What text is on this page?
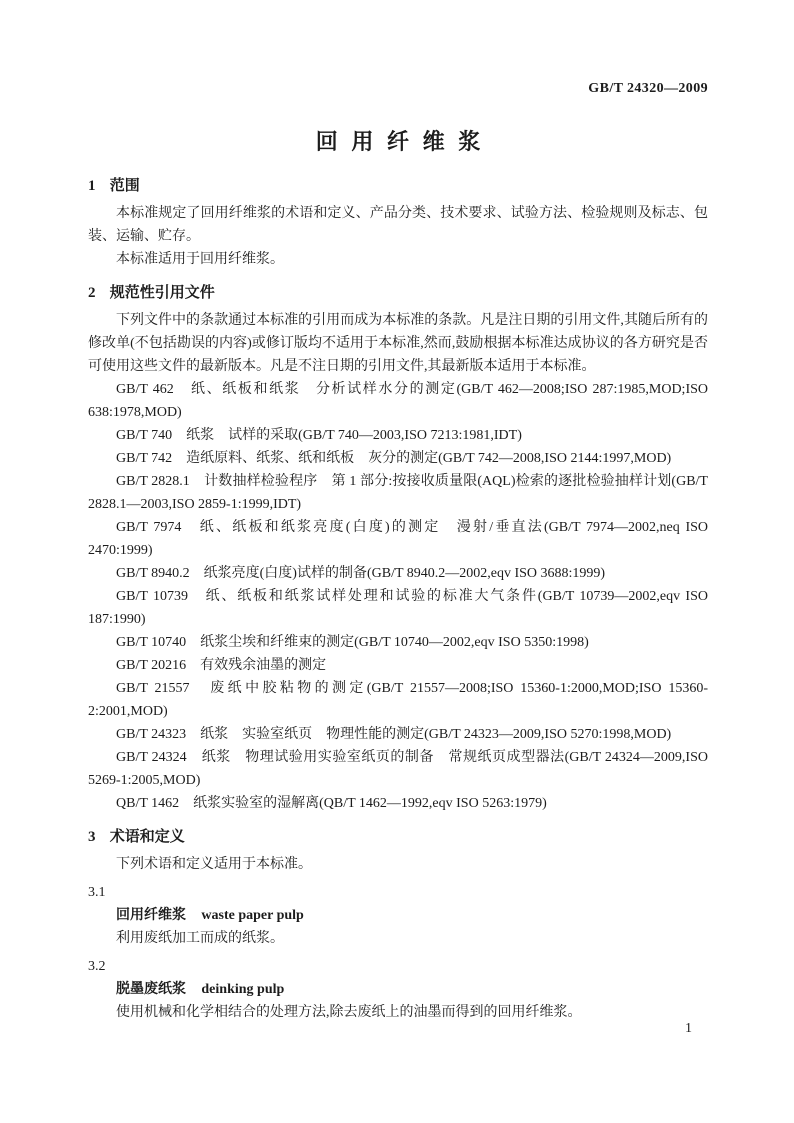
GB/T 24320—2009
回用纤维浆
1 范围

本标准规定了回用纤维浆的术语和定义、产品分类、技术要求、试验方法、检验规则及标志、包装、运输、贮存。

本标准适用于回用纤维浆。

2 规范性引用文件

下列文件中的条款通过本标准的引用而成为本标准的条款。凡是注日期的引用文件,其随后所有的修改单(不包括勘误的内容)或修订版均不适用于本标准,然而,鼓励根据本标准达成协议的各方研究是否可使用这些文件的最新版本。凡是不注日期的引用文件,其最新版本适用于本标准。

GB/T 462　纸、纸板和纸浆　分析试样水分的测定(GB/T 462—2008;ISO 287:1985,MOD;ISO 638:1978,MOD)

GB/T 740　纸浆　试样的采取(GB/T 740—2003,ISO 7213:1981,IDT)

GB/T 742　造纸原料、纸浆、纸和纸板　灰分的测定(GB/T 742—2008,ISO 2144:1997,MOD)

GB/T 2828.1　计数抽样检验程序　第 1 部分:按接收质量限(AQL)检索的逐批检验抽样计划(GB/T 2828.1—2003,ISO 2859-1:1999,IDT)

GB/T 7974　纸、纸板和纸浆亮度(白度)的测定　漫射/垂直法(GB/T 7974—2002,neq ISO 2470:1999)

GB/T 8940.2　纸浆亮度(白度)试样的制备(GB/T 8940.2—2002,eqv ISO 3688:1999)

GB/T 10739　纸、纸板和纸浆试样处理和试验的标准大气条件(GB/T 10739—2002,eqv ISO 187:1990)

GB/T 10740　纸浆尘埃和纤维束的测定(GB/T 10740—2002,eqv ISO 5350:1998)

GB/T 20216　有效残余油墨的测定

GB/T 21557　废纸中胶粘物的测定(GB/T 21557—2008;ISO 15360-1:2000,MOD;ISO 15360-2:2001,MOD)

GB/T 24323　纸浆　实验室纸页　物理性能的测定(GB/T 24323—2009,ISO 5270:1998,MOD)

GB/T 24324　纸浆　物理试验用实验室纸页的制备　常规纸页成型器法(GB/T 24324—2009,ISO 5269-1:2005,MOD)

QB/T 1462　纸浆实验室的湿解离(QB/T 1462—1992,eqv ISO 5263:1979)

3 术语和定义

下列术语和定义适用于本标准。

3.1

回用纤维浆 waste paper pulp

利用废纸加工而成的纸浆。

3.2

脱墨废纸浆 deinking pulp

使用机械和化学相结合的处理方法,除去废纸上的油墨而得到的回用纤维浆。

1
